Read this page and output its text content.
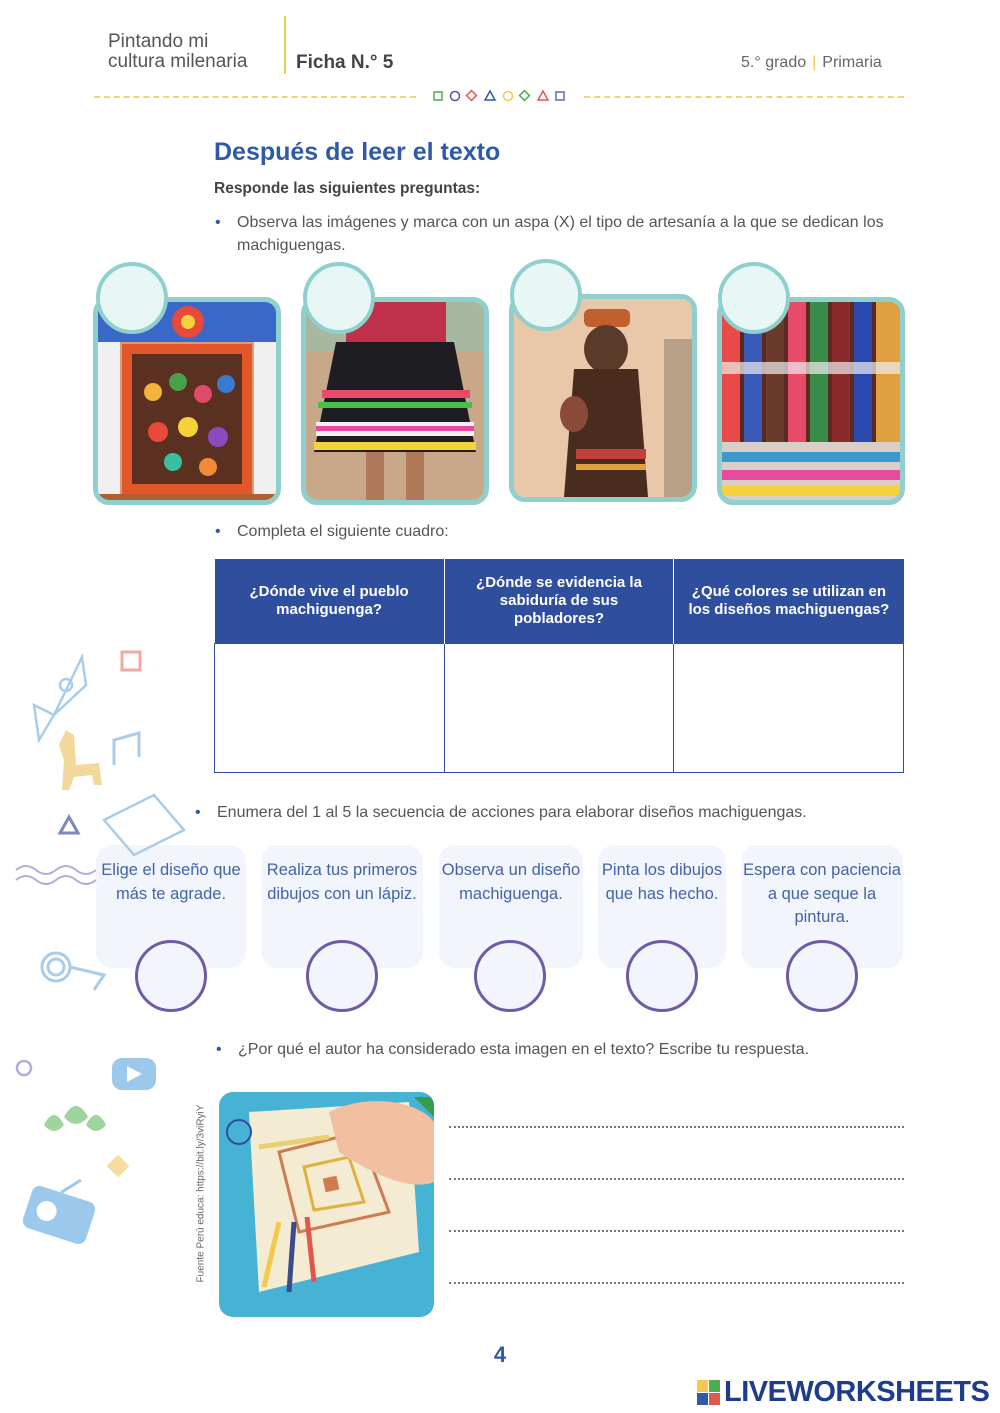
Pintando mi
cultura milenaria	Ficha N.° 5	5.° grado | Primaria
Después de leer el texto
Responde las siguientes preguntas:
• Observa las imágenes y marca con un aspa (X) el tipo de artesanía a la que se dedican los machiguengas.
• Completa el siguiente cuadro:
¿Dónde vive el pueblo machiguenga?	¿Dónde se evidencia la sabiduría de sus pobladores?	¿Qué colores se utilizan en los diseños machiguengas?

• Enumera del 1 al 5 la secuencia de acciones para elaborar diseños machiguengas.
Elige el diseño que más te agrade.
Realiza tus primeros dibujos con un lápiz.
Observa un diseño machiguenga.
Pinta los dibujos que has hecho.
Espera con paciencia a que seque la pintura.
• ¿Por qué el autor ha considerado esta imagen en el texto? Escribe tu respuesta.
Fuente Perú educa: https://bit.ly/3viRyiY
4
LIVEWORKSHEETS
